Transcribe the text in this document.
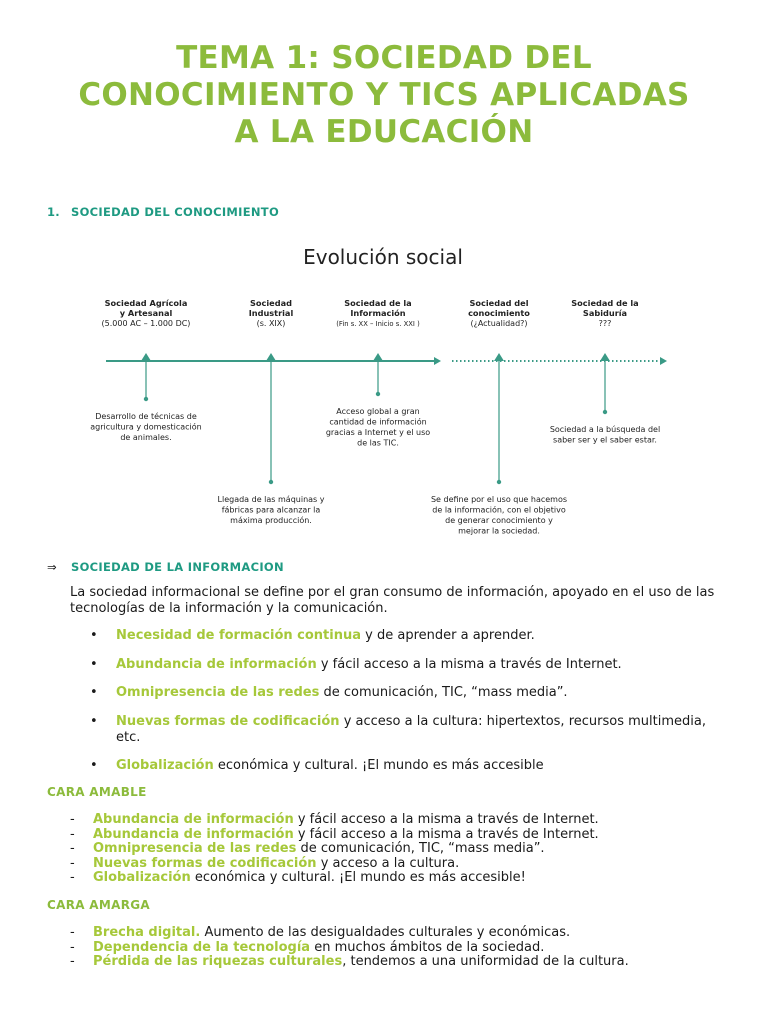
TEMA 1: SOCIEDAD DEL
CONOCIMIENTO Y TICS APLICADAS
A LA EDUCACIÓN
1. SOCIEDAD DEL CONOCIMIENTO
Evolución social
Sociedad Agrícola
y Artesanal
(5.000 AC – 1.000 DC)
Desarrollo de técnicas de
agricultura y domesticación
de animales.
Sociedad
Industrial
(s. XIX)
Llegada de las máquinas y
fábricas para alcanzar la
máxima producción.
Sociedad de la
Información
(Fin s. XX – Inicio s. XXI )
Acceso global a gran
cantidad de información
gracias a Internet y el uso
de las TIC.
Sociedad del
conocimiento
(¿Actualidad?)
Se define por el uso que hacemos
de la información, con el objetivo
de generar conocimiento y
mejorar la sociedad.
Sociedad de la
Sabiduría
???
Sociedad a la búsqueda del
saber ser y el saber estar.
⇒ SOCIEDAD DE LA INFORMACION
La sociedad informacional se define por el gran consumo de información, apoyado en el uso de las tecnologías de la información y la comunicación.
• Necesidad de formación continua y de aprender a aprender.
• Abundancia de información y fácil acceso a la misma a través de Internet.
• Omnipresencia de las redes de comunicación, TIC, “mass media”.
• Nuevas formas de codificación y acceso a la cultura: hipertextos, recursos multimedia, etc.
• Globalización económica y cultural. ¡El mundo es más accesible
CARA AMABLE
- Abundancia de información y fácil acceso a la misma a través de Internet.
- Abundancia de información y fácil acceso a la misma a través de Internet.
- Omnipresencia de las redes de comunicación, TIC, “mass media”.
- Nuevas formas de codificación y acceso a la cultura.
- Globalización económica y cultural. ¡El mundo es más accesible!
CARA AMARGA
- Brecha digital. Aumento de las desigualdades culturales y económicas.
- Dependencia de la tecnología en muchos ámbitos de la sociedad.
- Pérdida de las riquezas culturales, tendemos a una uniformidad de la cultura.
